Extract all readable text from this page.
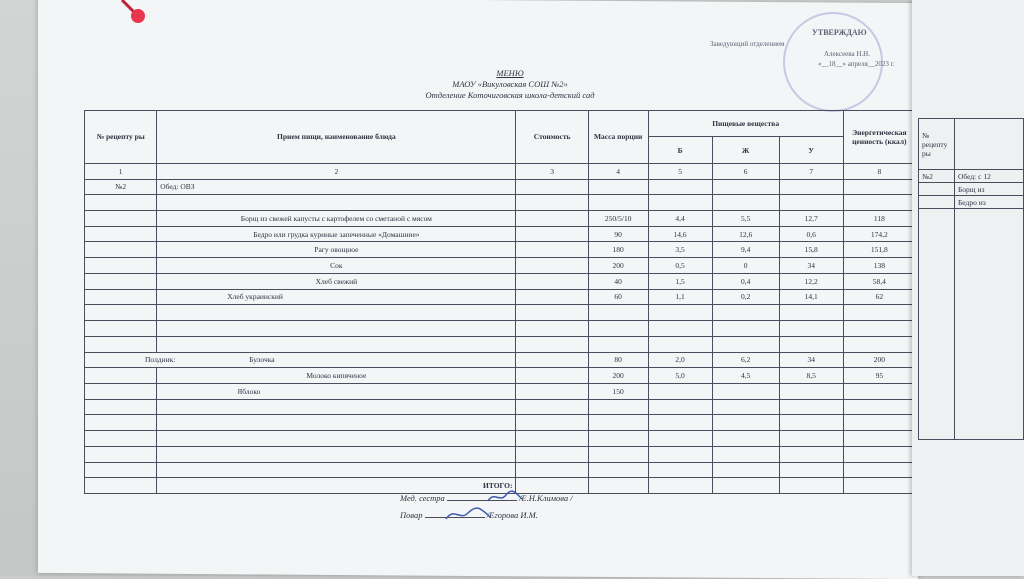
Заведующий отделением
УТВЕРЖДАЮ
Алексеева Н.Н.
«__18__» апреля__2023 г.
МЕНЮ
МАОУ «Викуловская СОШ №2»
Отделение Коточиговская школа-детский сад
№ рецепту ры	Прием пищи, наименование блюда	Стоимость	Масса порции	Пищевые вещества			Энергетическая ценность (ккал)
				Б	Ж	У	
1	2	3	4	5	6	7	8
№2	Обед: ОВЗ						

	Борщ из свежей капусты с картофелем со сметаной с мясом		250/5/10	4,4	5,5	12,7	118
	Бедро или грудка куриные запеченные «Домашние»		90	14,6	12,6	0,6	174,2
	Рагу овощное		180	3,5	9,4	15,8	151,8
	Сок		200	0,5	0	34	138
	Хлеб свежий		40	1,5	0,4	12,2	58,4
	Хлеб украинский		60	1,1	0,2	14,1	62

Полдник: Булочка			80	2,0	6,2	34	200
	Молоко кипяченое		200	5,0	4,5	8,5	95
	Яблоко		150				

	ИТОГО:						
Мед. сестра	/Е.Н.Климова /
Повар	/Егорова И.М.
№ рецепту ры	
№2	Обед: с 12
	Борщ из
	Бедро из
